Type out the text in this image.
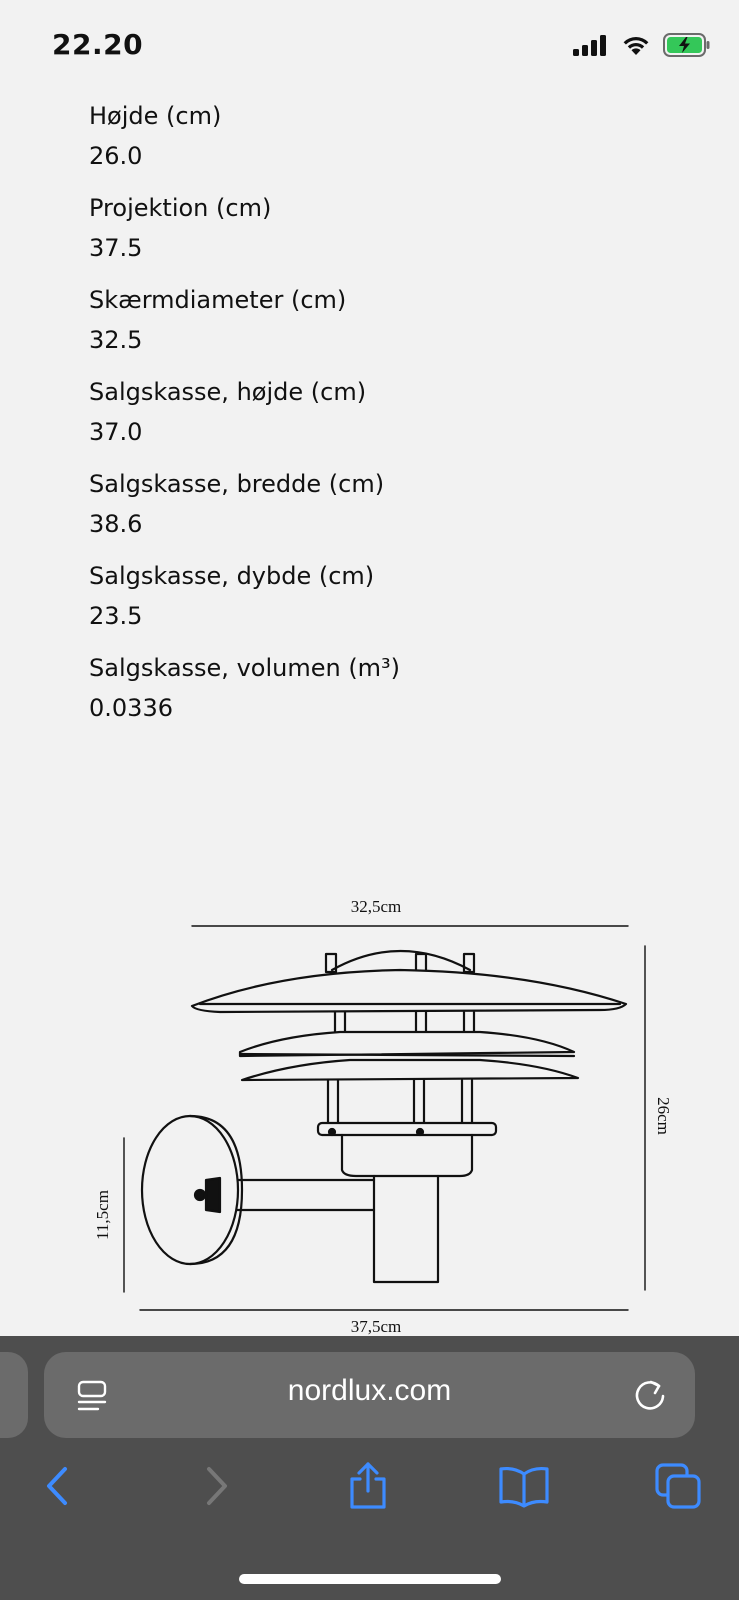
22.20
Højde (cm)
26.0
Projektion (cm)
37.5
Skærmdiameter (cm)
32.5
Salgskasse, højde (cm)
37.0
Salgskasse, bredde (cm)
38.6
Salgskasse, dybde (cm)
23.5
Salgskasse, volumen (m³)
0.0336
32,5cm
26cm
11,5cm
37,5cm
nordlux.com
